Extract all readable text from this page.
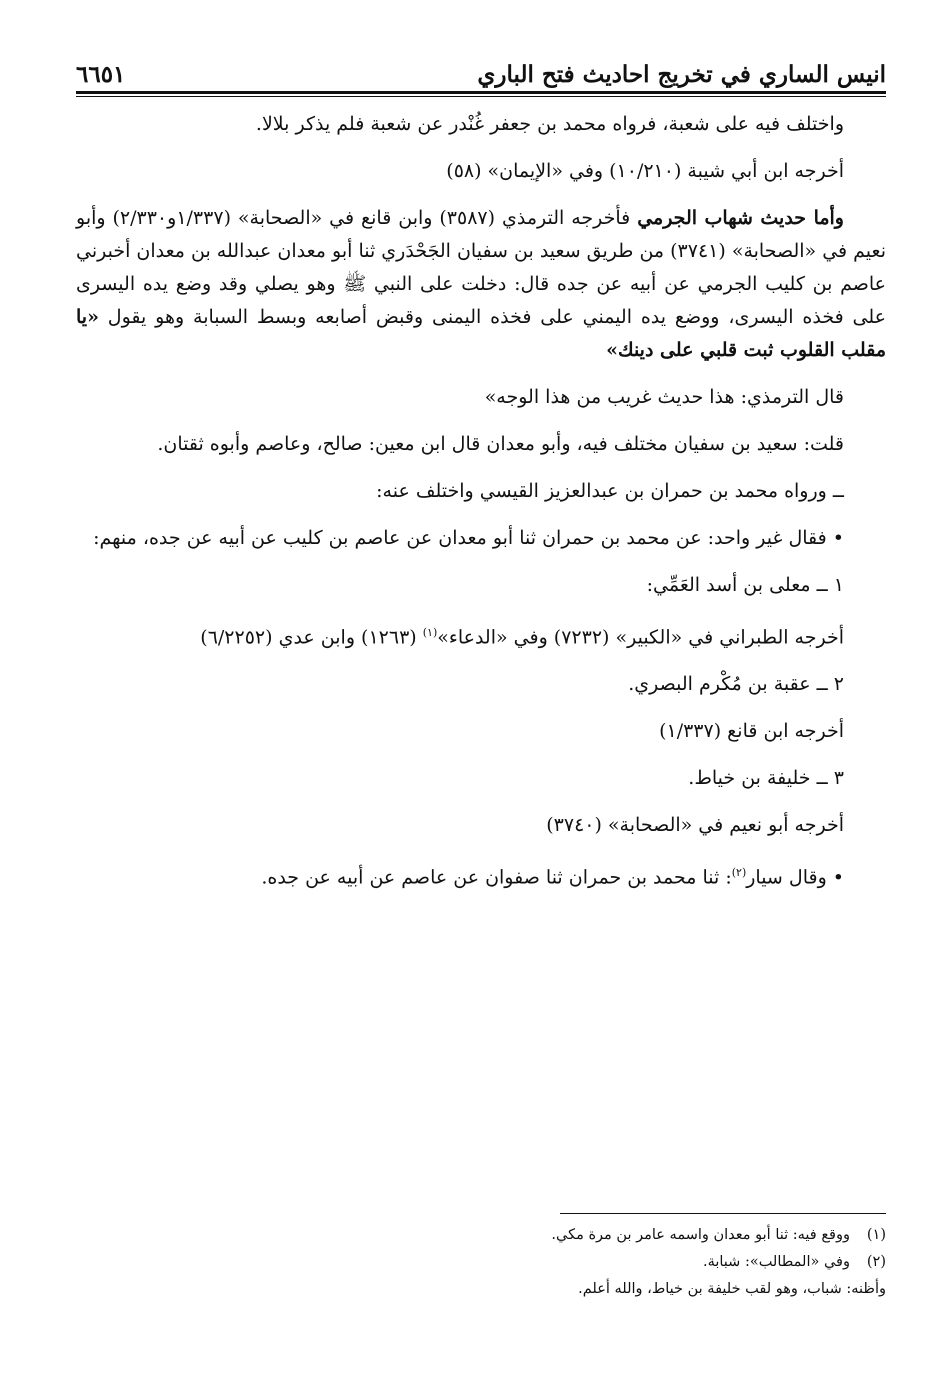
انيس الساري في تخريج احاديث فتح الباري
٦٦٥١

واختلف فيه على شعبة، فرواه محمد بن جعفر غُنْدر عن شعبة فلم يذكر بلالا.

أخرجه ابن أبي شيبة (١٠/٢١٠) وفي «الإيمان» (٥٨)

وأما حديث شهاب الجرمي فأخرجه الترمذي (٣٥٨٧) وابن قانع في «الصحابة» (١/٣٣٧و٢/٣٣٠) وأبو نعيم في «الصحابة» (٣٧٤١) من طريق سعيد بن سفيان الجَحْدَري ثنا أبو معدان عبدالله بن معدان أخبرني عاصم بن كليب الجرمي عن أبيه عن جده قال: دخلت على النبي ﷺ وهو يصلي وقد وضع يده اليسرى على فخذه اليسرى، ووضع يده اليمني على فخذه اليمنى وقبض أصابعه وبسط السبابة وهو يقول «يا مقلب القلوب ثبت قلبي على دينك»

قال الترمذي: هذا حديث غريب من هذا الوجه»

قلت: سعيد بن سفيان مختلف فيه، وأبو معدان قال ابن معين: صالح، وعاصم وأبوه ثقتان.

ــ ورواه محمد بن حمران بن عبدالعزيز القيسي واختلف عنه:

• فقال غير واحد: عن محمد بن حمران ثنا أبو معدان عن عاصم بن كليب عن أبيه عن جده، منهم:

١ ــ معلى بن أسد العَمِّي:

أخرجه الطبراني في «الكبير» (٧٢٣٢) وفي «الدعاء»$^{(١)}$ (١٢٦٣) وابن عدي (٦/٢٢٥٢)

٢ ــ عقبة بن مُكْرم البصري.

أخرجه ابن قانع (١/٣٣٧)

٣ ــ خليفة بن خياط.

أخرجه أبو نعيم في «الصحابة» (٣٧٤٠)

• وقال سيار$^{(٢)}$: ثنا محمد بن حمران ثنا صفوان عن عاصم عن أبيه عن جده.

(١)ووقع فيه: ثنا أبو معدان واسمه عامر بن مرة مكي.

(٢)وفي «المطالب»: شبابة.

وأظنه: شباب، وهو لقب خليفة بن خياط، والله أعلم.
